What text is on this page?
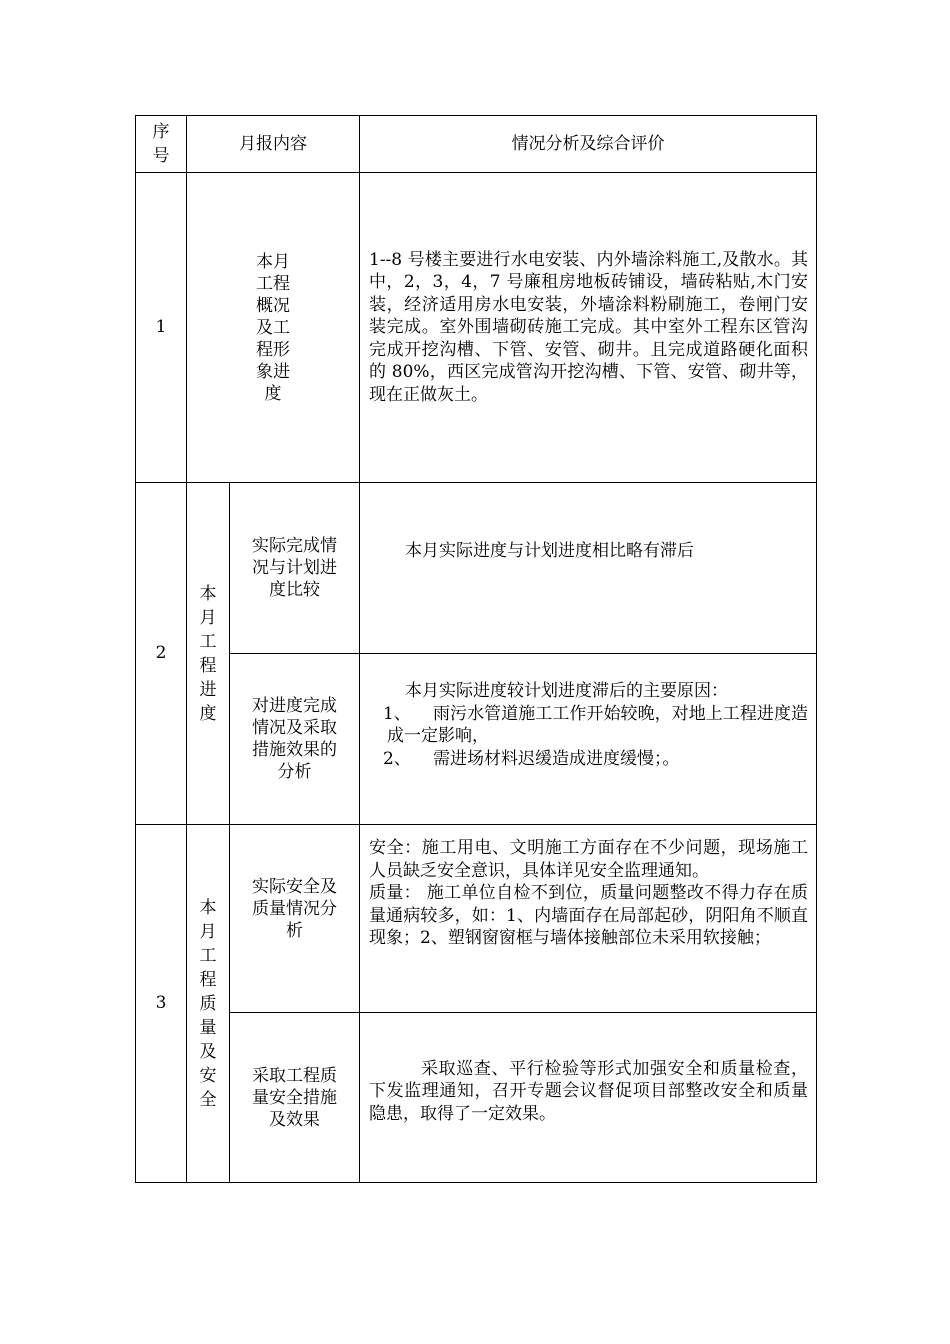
序号	月报内容		情况分析及综合评价
1	本月工程概况及工程形象进度		1--8 号楼主要进行水电安装、内外墙涂料施工,及散水。其中，2，3，4，7 号廉租房地板砖铺设，墙砖粘贴,木门安装，经济适用房水电安装，外墙涂料粉刷施工，卷闸门安装完成。室外围墙砌砖施工完成。其中室外工程东区管沟完成开挖沟槽、下管、安管、砌井。且完成道路硬化面积的 80%，西区完成管沟开挖沟槽、下管、安管、砌井等，现在正做灰土。

2	本月工程进度	实际完成情况与计划进度比较	本月实际进度与计划进度相比略有滞后

		对进度完成情况及采取措施效果的分析	本月实际进度较计划进度滞后的主要原因：
1、 雨污水管道施工工作开始较晚，对地上工程进度造成一定影响，
2、 需进场材料迟缓造成进度缓慢；。

3	本月工程质量及安全	实际安全及质量情况分析	安全：施工用电、文明施工方面存在不少问题，现场施工人员缺乏安全意识，具体详见安全监理通知。
质量： 施工单位自检不到位，质量问题整改不得力存在质量通病较多，如：1、内墙面存在局部起砂，阴阳角不顺直现象；2、塑钢窗窗框与墙体接触部位未采用软接触；

		采取工程质量安全措施及效果	采取巡查、平行检验等形式加强安全和质量检查，下发监理通知，召开专题会议督促项目部整改安全和质量隐患，取得了一定效果。
